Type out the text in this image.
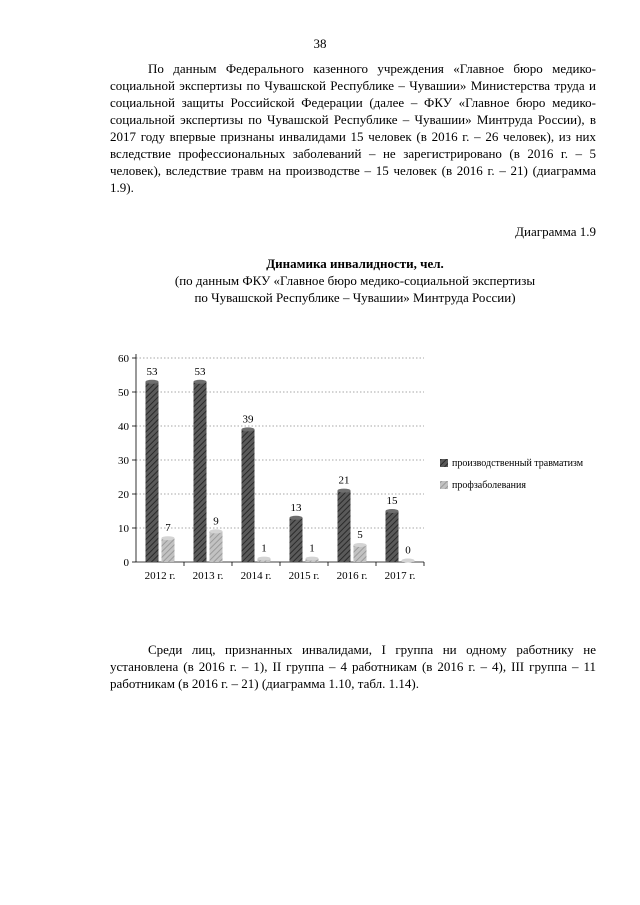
38

По данным Федерального казенного учреждения «Главное бюро медико-социальной экспертизы по Чувашской Республике – Чувашии» Министерства труда и социальной защиты Российской Федерации (далее – ФКУ «Главное бюро медико-социальной экспертизы по Чувашской Республике – Чувашии» Минтруда России), в 2017 году впервые признаны инвалидами 15 человек (в 2016 г. – 26 человек), из них вследствие профессиональных заболеваний – не зарегистрировано (в 2016 г. – 5 человек), вследствие травм на производстве – 15 человек (в 2016 г. – 21) (диаграмма 1.9).

Диаграмма 1.9
Динамика инвалидности, чел.
(по данным ФКУ «Главное бюро медико-социальной экспертизы
по Чувашской Республике – Чувашии» Минтруда России)
0
10
20
30
40
50
60
2012 г.
53
7
2013 г.
53
9
2014 г.
39
1
2015 г.
13
1
2016 г.
21
5
2017 г.
15
0
производственный травматизм
профзаболевания

Среди лиц, признанных инвалидами, I группа ни одному работнику не установлена (в 2016 г. – 1), II группа – 4 работникам (в 2016 г. – 4), III группа – 11 работникам (в 2016 г. – 21) (диаграмма 1.10, табл. 1.14).
